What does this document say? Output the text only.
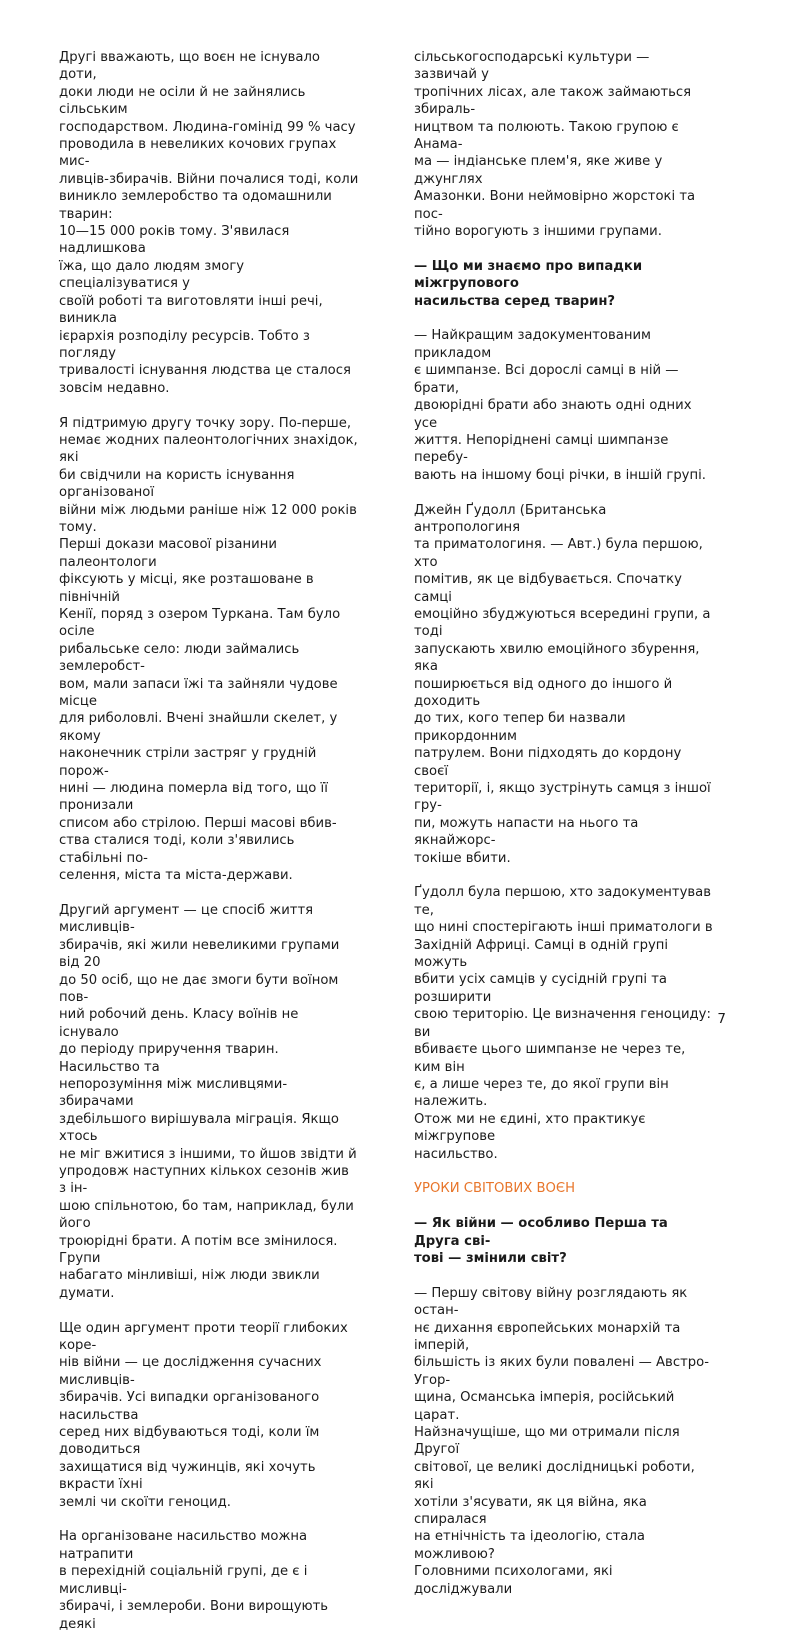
Другі вважають, що воєн не існувало доти,
доки люди не осіли й не зайнялись сільським
господарством. Людина-гомінід 99 % часу
проводила в невеликих кочових групах мис-
ливців-збирачів. Війни почалися тоді, коли
виникло землеробство та одомашнили тварин:
10—15 000 років тому. З'явилася надлишкова
їжа, що дало людям змогу спеціалізуватися у
своїй роботі та виготовляти інші речі, виникла
ієрархія розподілу ресурсів. Тобто з погляду
тривалості існування людства це сталося
зовсім недавно.

Я підтримую другу точку зору. По-перше,
немає жодних палеонтологічних знахідок, які
би свідчили на користь існування організованої
війни між людьми раніше ніж 12 000 років тому.
Перші докази масової різанини палеонтологи
фіксують у місці, яке розташоване в північній
Кенії, поряд з озером Туркана. Там було осіле
рибальське село: люди займались землеробст-
вом, мали запаси їжі та зайняли чудове місце
для риболовлі. Вчені знайшли скелет, у якому
наконечник стріли застряг у грудній порож-
нині — людина померла від того, що її пронизали
списом або стрілою. Перші масові вбив-
ства сталися тоді, коли з'явились стабільні по-
селення, міста та міста-держави.

Другий аргумент — це спосіб життя мисливців-
збирачів, які жили невеликими групами від 20
до 50 осіб, що не дає змоги бути воїном пов-
ний робочий день. Класу воїнів не існувало
до періоду приручення тварин. Насильство та
непорозуміння між мисливцями-збирачами
здебільшого вирішувала міграція. Якщо хтось
не міг вжитися з іншими, то йшов звідти й
упродовж наступних кількох сезонів жив з ін-
шою спільнотою, бо там, наприклад, були його
троюрідні брати. А потім все змінилося. Групи
набагато мінливіші, ніж люди звикли думати.

Ще один аргумент проти теорії глибоких коре-
нів війни — це дослідження сучасних мисливців-
збирачів. Усі випадки організованого насильства
серед них відбуваються тоді, коли їм доводиться
захищатися від чужинців, які хочуть вкрасти їхні
землі чи скоїти геноцид.

На організоване насильство можна натрапити
в перехідній соціальній групі, де є і мисливці-
збирачі, і землероби. Вони вирощують деякі

сільськогосподарські культури — зазвичай у
тропічних лісах, але також займаються збираль-
ництвом та полюють. Такою групою є Анама-
ма — індіанське плем'я, яке живе у джунглях
Амазонки. Вони неймовірно жорстокі та пос-
тійно ворогують з іншими групами.

— Що ми знаємо про випадки міжгрупового
насильства серед тварин?

— Найкращим задокументованим прикладом
є шимпанзе. Всі дорослі самці в ній — брати,
двоюрідні брати або знають одні одних усе
життя. Непорідненi самці шимпанзе перебу-
вають на іншому боці річки, в іншій групі.

Джейн Ґудолл (Британська антропологиня
та приматологиня. — Авт.) була першою, хто
помітив, як це відбувається. Спочатку самці
емоційно збуджуються всередині групи, а тоді
запускають хвилю емоційного збурення, яка
поширюється від одного до іншого й доходить
до тих, кого тепер би назвали прикордонним
патрулем. Вони підходять до кордону своєї
території, і, якщо зустрінуть самця з іншої гру-
пи, можуть напасти на нього та якнайжорс-
токіше вбити.

Ґудолл була першою, хто задокументував те,
що нині спостерігають інші приматологи в
Західній Африці. Самці в одній групі можуть
вбити усіх самців у сусідній групі та розширити
свою територію. Це визначення геноциду: ви
вбиваєте цього шимпанзе не через те, ким він
є, а лише через те, до якої групи він належить.
Отож ми не єдині, хто практикує міжгрупове
насильство.

УРОКИ СВІТОВИХ ВОЄН

— Як війни — особливо Перша та Друга сві-
тові — змінили світ?

— Першу світову війну розглядають як остан-
нє дихання європейських монархій та імперій,
більшість із яких були повалені — Австро-Угор-
щина, Османська імперія, російський царат.
Найзначущіше, що ми отримали після Другої
світової, це великі дослідницькі роботи, які
хотіли з'ясувати, як ця війна, яка спиралася
на етнічність та ідеологію, стала можливою?
Головними психологами, які досліджували

7
